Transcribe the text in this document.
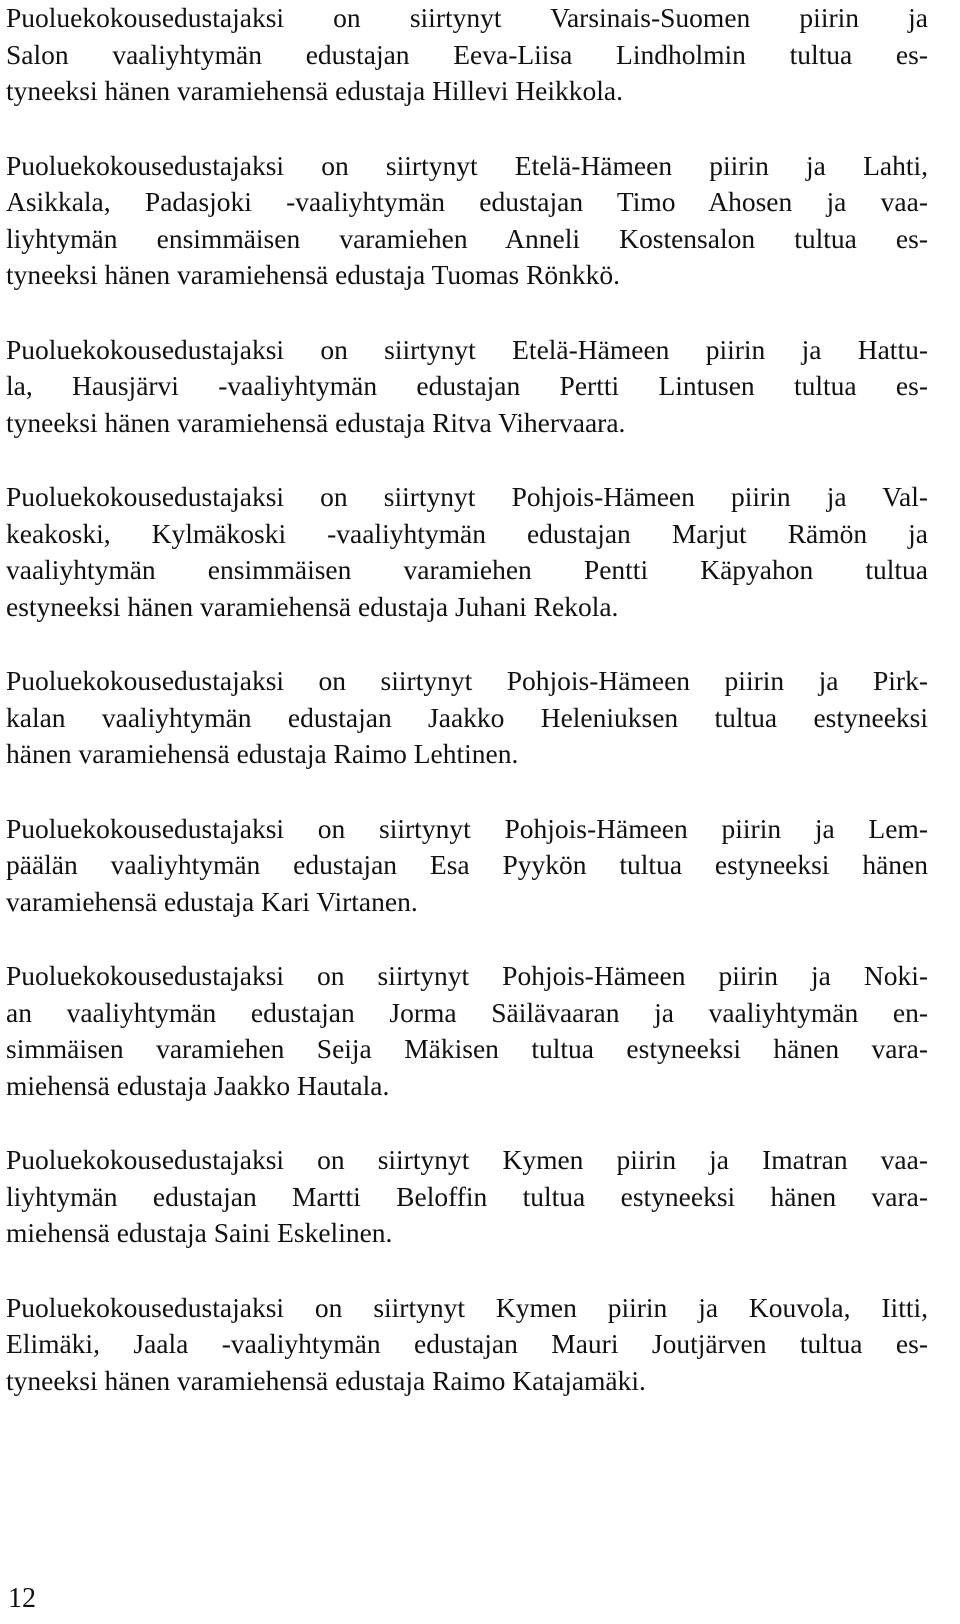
Puoluekokousedustajaksi on siirtynyt Varsinais-Suomen piirin ja
Salon vaaliyhtymän edustajan Eeva-Liisa Lindholmin tultua es-
tyneeksi hänen varamiehensä edustaja Hillevi Heikkola.

Puoluekokousedustajaksi on siirtynyt Etelä-Hämeen piirin ja Lahti,
Asikkala, Padasjoki -vaaliyhtymän edustajan Timo Ahosen ja vaa-
liyhtymän ensimmäisen varamiehen Anneli Kostensalon tultua es-
tyneeksi hänen varamiehensä edustaja Tuomas Rönkkö.

Puoluekokousedustajaksi on siirtynyt Etelä-Hämeen piirin ja Hattu-
la, Hausjärvi -vaaliyhtymän edustajan Pertti Lintusen tultua es-
tyneeksi hänen varamiehensä edustaja Ritva Vihervaara.

Puoluekokousedustajaksi on siirtynyt Pohjois-Hämeen piirin ja Val-
keakoski, Kylmäkoski -vaaliyhtymän edustajan Marjut Rämön ja
vaaliyhtymän ensimmäisen varamiehen Pentti Käpyahon tultua
estyneeksi hänen varamiehensä edustaja Juhani Rekola.

Puoluekokousedustajaksi on siirtynyt Pohjois-Hämeen piirin ja Pirk-
kalan vaaliyhtymän edustajan Jaakko Heleniuksen tultua estyneeksi
hänen varamiehensä edustaja Raimo Lehtinen.

Puoluekokousedustajaksi on siirtynyt Pohjois-Hämeen piirin ja Lem-
päälän vaaliyhtymän edustajan Esa Pyykön tultua estyneeksi hänen
varamiehensä edustaja Kari Virtanen.

Puoluekokousedustajaksi on siirtynyt Pohjois-Hämeen piirin ja Noki-
an vaaliyhtymän edustajan Jorma Säilävaaran ja vaaliyhtymän en-
simmäisen varamiehen Seija Mäkisen tultua estyneeksi hänen vara-
miehensä edustaja Jaakko Hautala.

Puoluekokousedustajaksi on siirtynyt Kymen piirin ja Imatran vaa-
liyhtymän edustajan Martti Beloffin tultua estyneeksi hänen vara-
miehensä edustaja Saini Eskelinen.

Puoluekokousedustajaksi on siirtynyt Kymen piirin ja Kouvola, Iitti,
Elimäki, Jaala -vaaliyhtymän edustajan Mauri Joutjärven tultua es-
tyneeksi hänen varamiehensä edustaja Raimo Katajamäki.

12
